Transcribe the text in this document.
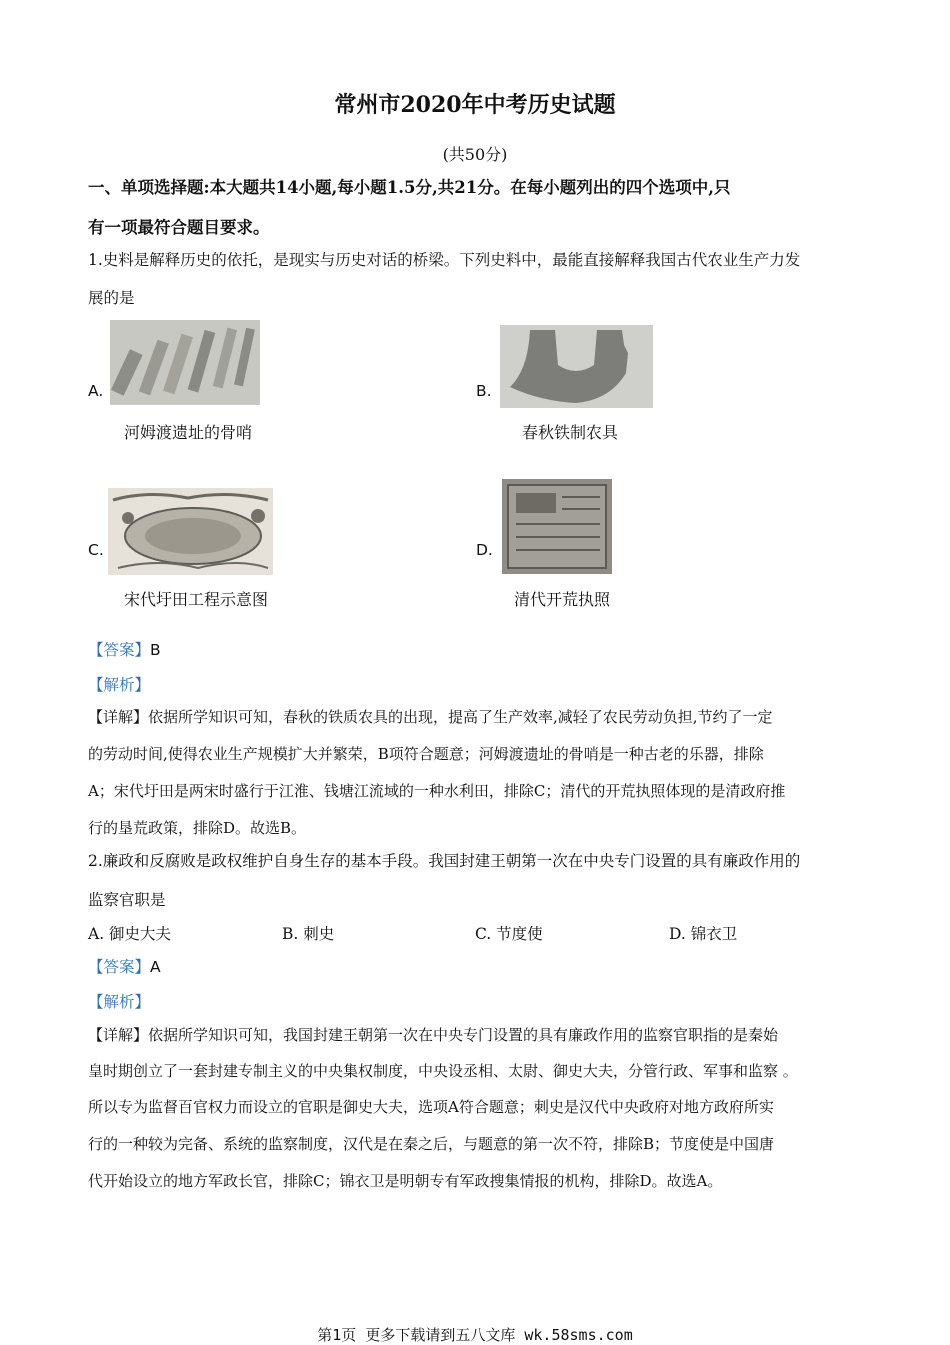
常州市2020年中考历史试题
(共50分)
一、单项选择题:本大题共14小题,每小题1.5分,共21分。在每小题列出的四个选项中,只
有一项最符合题目要求。
1.史料是解释历史的依托，是现实与历史对话的桥梁。下列史料中，最能直接解释我国古代农业生产力发
展的是
A.
河姆渡遗址的骨哨
B.
春秋铁制农具
C.
宋代圩田工程示意图
D.
清代开荒执照
【答案】B
【解析】
【详解】依据所学知识可知，春秋的铁质农具的出现，提高了生产效率,减轻了农民劳动负担,节约了一定
的劳动时间,使得农业生产规模扩大并繁荣，B项符合题意；河姆渡遗址的骨哨是一种古老的乐器，排除
A；宋代圩田是两宋时盛行于江淮、钱塘江流域的一种水利田，排除C；清代的开荒执照体现的是清政府推
行的垦荒政策，排除D。故选B。
2.廉政和反腐败是政权维护自身生存的基本手段。我国封建王朝第一次在中央专门设置的具有廉政作用的
监察官职是
A. 御史大夫	B. 刺史	C. 节度使	D. 锦衣卫
【答案】A
【解析】
【详解】依据所学知识可知，我国封建王朝第一次在中央专门设置的具有廉政作用的监察官职指的是秦始
皇时期创立了一套封建专制主义的中央集权制度，中央设丞相、太尉、御史大夫，分管行政、军事和监察 。
所以专为监督百官权力而设立的官职是御史大夫，选项A符合题意；刺史是汉代中央政府对地方政府所实
行的一种较为完备、系统的监察制度，汉代是在秦之后，与题意的第一次不符，排除B；节度使是中国唐
代开始设立的地方军政长官，排除C；锦衣卫是明朝专有军政搜集情报的机构，排除D。故选A。
第1页 更多下载请到五八文库 wk.58sms.com
